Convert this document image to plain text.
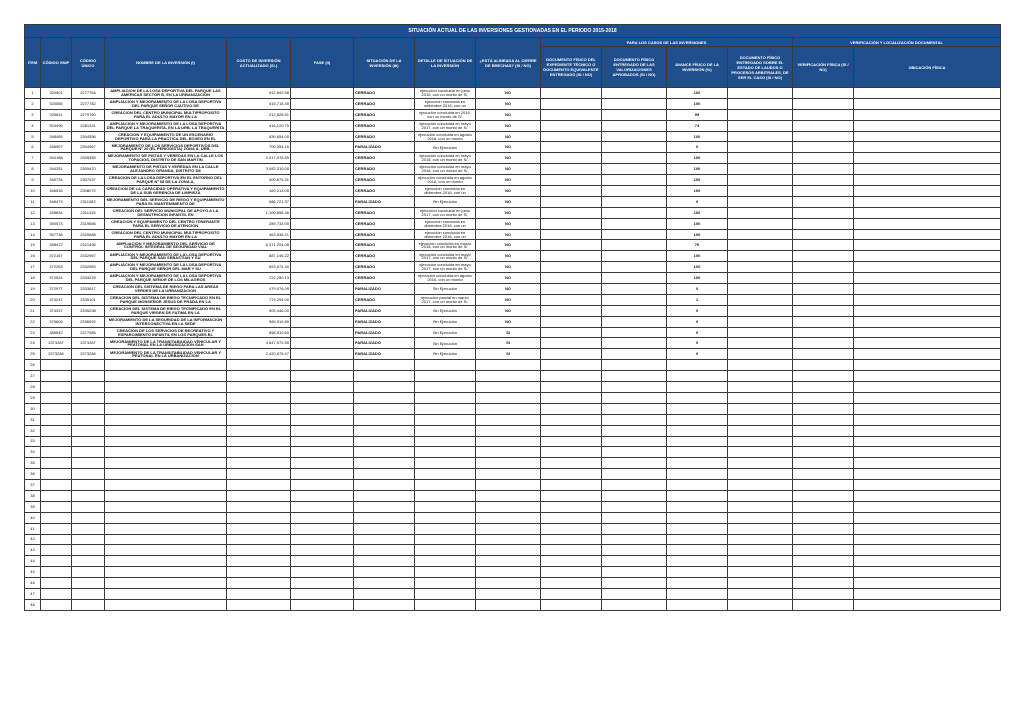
SITUACIÓN ACTUAL DE LAS INVERSIONES GESTIONADAS EN EL PERIODO 2015-2018														
ITEM	CÓDIGO SNIP	CÓDIGO ÚNICO	NOMBRE DE LA INVERSIÓN (I)	COSTO DE INVERSIÓN ACTUALIZADO (S/.)	FASE (II)	SITUACIÓN DE LA INVERSIÓN (III)	DETALLE DE SITUACIÓN DE LA INVERSIÓN	¿ESTÁ ALINEADA AL CIERRE DE BRECHAS? (SI / NO)	PARA LOS CASOS DE LAS INVERSIONES				VERIFICACIÓN Y LOCALIZACIÓN DOCUMENTAL	
									DOCUMENTO FÍSICO DEL EXPEDIENTE TÉCNICO O DOCUMENTO EQUIVALENTE ENTREGADO (SI / NO)	DOCUMENTO FÍSICO ENTREGADO DE LAS VALORIZACIONES APROBADOS (SI / NO)	AVANCE FÍSICO DE LA INVERSIÓN (%)	DOCUMENTO FÍSICO ENTREGADO SOBRE EL ESTADO DE LAUDOS O PROCESOS ARBITRALES, DE SER EL CASO (SI / NO)	VERIFICACIÓN FÍSICA (SI / NO)	UBICACIÓN FÍSICA
1	320501	2277764	AMPLIACION DE LA LOSA DEPORTIVA DEL PARQUE LAS AMERICAS SECTOR B, EN LA URBANIZACION	512,692.58		CERRADO	ejecución concluida en junio 2016, con un monto de S/.	NO			100			
2	320555	2277782	AMPLIACION Y MEJORAMIENTO DE LA LOSA DEPORTIVA DEL PARQUE SEÑOR CAUTIVO DE	415,715.45		CERRADO	ejecución concluida en setiembre 2016, con un	NO			100			
3	325811	2279760	CREACION DEL CENTRO MUNICIPAL MULTIPROPOSITO PARA EL ADULTO MAYOR EN LA	212,828.51		CERRADO	ejecución concluida en 2016, con un monto de S/.	NO			99			
4	324496	2281331	AMPLIACION Y MEJORAMIENTO DE LA LOSA DEPORTIVA DEL PARQUE LA TRAQUERITA, EN LA URB. LA TRAQUERITA	416,120.75		CERRADO	ejecución concluida en mayo 2017, con un monto de S/.	NO			74			
5	348465	2304596	CREACION Y EQUIPAMIENTO DE UN ESCENARIO DEPORTIVO PARA LA PRACTICA DEL BOXEO EN EL	639,654.00		CERRADO	ejecución concluida en agosto 2016, con un monto	NO			100			
6	348907	2304967	MEJORAMIENTO DE LOS SERVICIOS DEPORTIVOS DEL PARQUE Nº 20 (EL PERIODISTA) ZONA A, URB.	700,354.16		PARALIZADO	Sin Ejecución	NO			0			
7	344188	2305355	MEJORAMIENTO DE PISTAS Y VEREDAS EN LA CALLE LOS TOPACIOS, DISTRITO DE SAN MARTIN	2,017,076.55		CERRADO	ejecución concluida en mayo 2018, con un monto de S/.	NO			100			
8	344251	2305470	MEJORAMIENTO DE PISTAS Y VEREDAS EN LA CALLE ALEJANDRO GRANDA, DISTRITO DE	3,082,310.00		CERRADO	ejecución concluida en mayo 2018, con un monto de S/.	NO			100			
9	345734	2307037	CREACION DE LA LOSA DEPORTIVA EN EL ENTORNO DEL PARQUE Nº 08 DE LA ZONA A,	400,875.31		CERRADO	ejecución concluida en agosto 2016, con un monto	NO			100			
10	346518	2308072	CREACION DE LA CAPACIDAD OPERATIVA Y EQUIPAMIENTO DE LA SUB GERENCIA DE LIMPIEZA	169,213.05		CERRADO	ejecución concluida en diciembre 2016, con un	NO			100			
11	348473	2311083	MEJORAMIENTO DEL SERVICIO DE RIEGO Y EQUIPAMIENTO PARA EL MANTENIMIENTO DE	686,721.37		PARALIZADO	Sin Ejecución	NO			0			
12	348634	2311415	CREACION DEL SERVICIO MUNICIPAL DE APOYO A LA DESNUTRICION INFANTIL EN	1,100,856.46		CERRADO	ejecución concluida en junio 2017, con un monto de S/.	NO			100			
13	350573	2319656	CREACION Y EQUIPAMIENTO DEL CENTRO ITINERANTE PARA EL SERVICIO DE ATENCION	289,732.00		CERRADO	ejecución concluida en diciembre 2016, con un	NO			100			
14	357738	2320688	CREACION DEL CENTRO MUNICIPAL MULTIPROPOSITO PARA EL ADULTO MAYOR EN LA	463,538.21		CERRADO	ejecución concluida en diciembre 2016, con un	NO			100			
15	358472	2321496	AMPLIACION Y MEJORAMIENTO DEL SERVICIO DE CONTROL INTEGRAL DE SEGURIDAD VIAL	6,371,204.08		CERRADO	ejecución concluida en marzo 2018, con un monto de S/.	NO			76			
16	372167	2332967	AMPLIACION Y MEJORAMIENTO DE LA LOSA DEPORTIVA DEL PARQUE SAN SEBASTIAN Y SU	887,146.22		CERRADO	ejecución concluida en mayo 2017, con un monto de S/.	NO			100			
17	372263	2332983	AMPLIACION Y MEJORAMIENTO DE LA LOSA DEPORTIVA DEL PARQUE SEÑOR DEL MAR Y SU	653,674.40		CERRADO	ejecución concluida en mayo 2017, con un monto de S/.	NO			100			
18	372524	2333229	AMPLIACION Y MEJORAMIENTO DE LA LOSA DEPORTIVA DEL PARQUE SEÑOR DE LOS MILAGROS	722,250.13		CERRADO	ejecución concluida en agosto 2016, con un monto	NO			100			
19	372977	2333817	CREACION DEL SISTEMA DE RIEGO PARA LAS AREAS VERDES DE LA URBANIZACION	479,076.09		PARALIZADO	Sin Ejecución	NO			0			
20	374247	2335101	CREACION DEL SISTEMA DE RIEGO TECNIFICADO EN EL PARQUE MONSEÑOR JESUS DE PRADA EN LA	774,294.00		CERRADO	ejecución parcial en marzo 2017, con un monto de S/.	NO			1			
21	374337	2335298	CREACION DEL SISTEMA DE RIEGO TECNIFICADO EN EL PARQUE VIRGEN DE FATIMA EN LA	905,446.00		PARALIZADO	Sin Ejecución	NO			0			
22	375605	2336592	MEJORAMIENTO DE LA SEGURIDAD DE LA INFORMACION INTERCONECTIVA EN LA SEDE	989,519.89		PARALIZADO	Sin Ejecución	NO			0			
23	386542	2377985	CREACION DE LOS SERVICIOS DE RECREATIVO Y ESPARCIMIENTO INFANTIL EN LOS PARQUES EL	858,910.60		PARALIZADO	Sin Ejecución	SI			0			
24	2373287	2373287	MEJORAMIENTO DE LA TRANSITABILIDAD VEHICULAR Y PEATONAL EN LA URBANIZACION SAN	4,847,972.55		PARALIZADO	Sin Ejecución	SI			0			
25	2373286	2373286	MEJORAMIENTO DE LA TRANSITABILIDAD VEHICULAR Y PEATONAL EN LA URBANIZACION	2,420,975.47		PARALIZADO	Sin Ejecución	SI			0			
26														
27														
28														
29														
30														
31														
32														
33														
34														
35														
36														
37														
38														
39														
40														
41														
42														
43														
44														
45														
46														
47														
48														
